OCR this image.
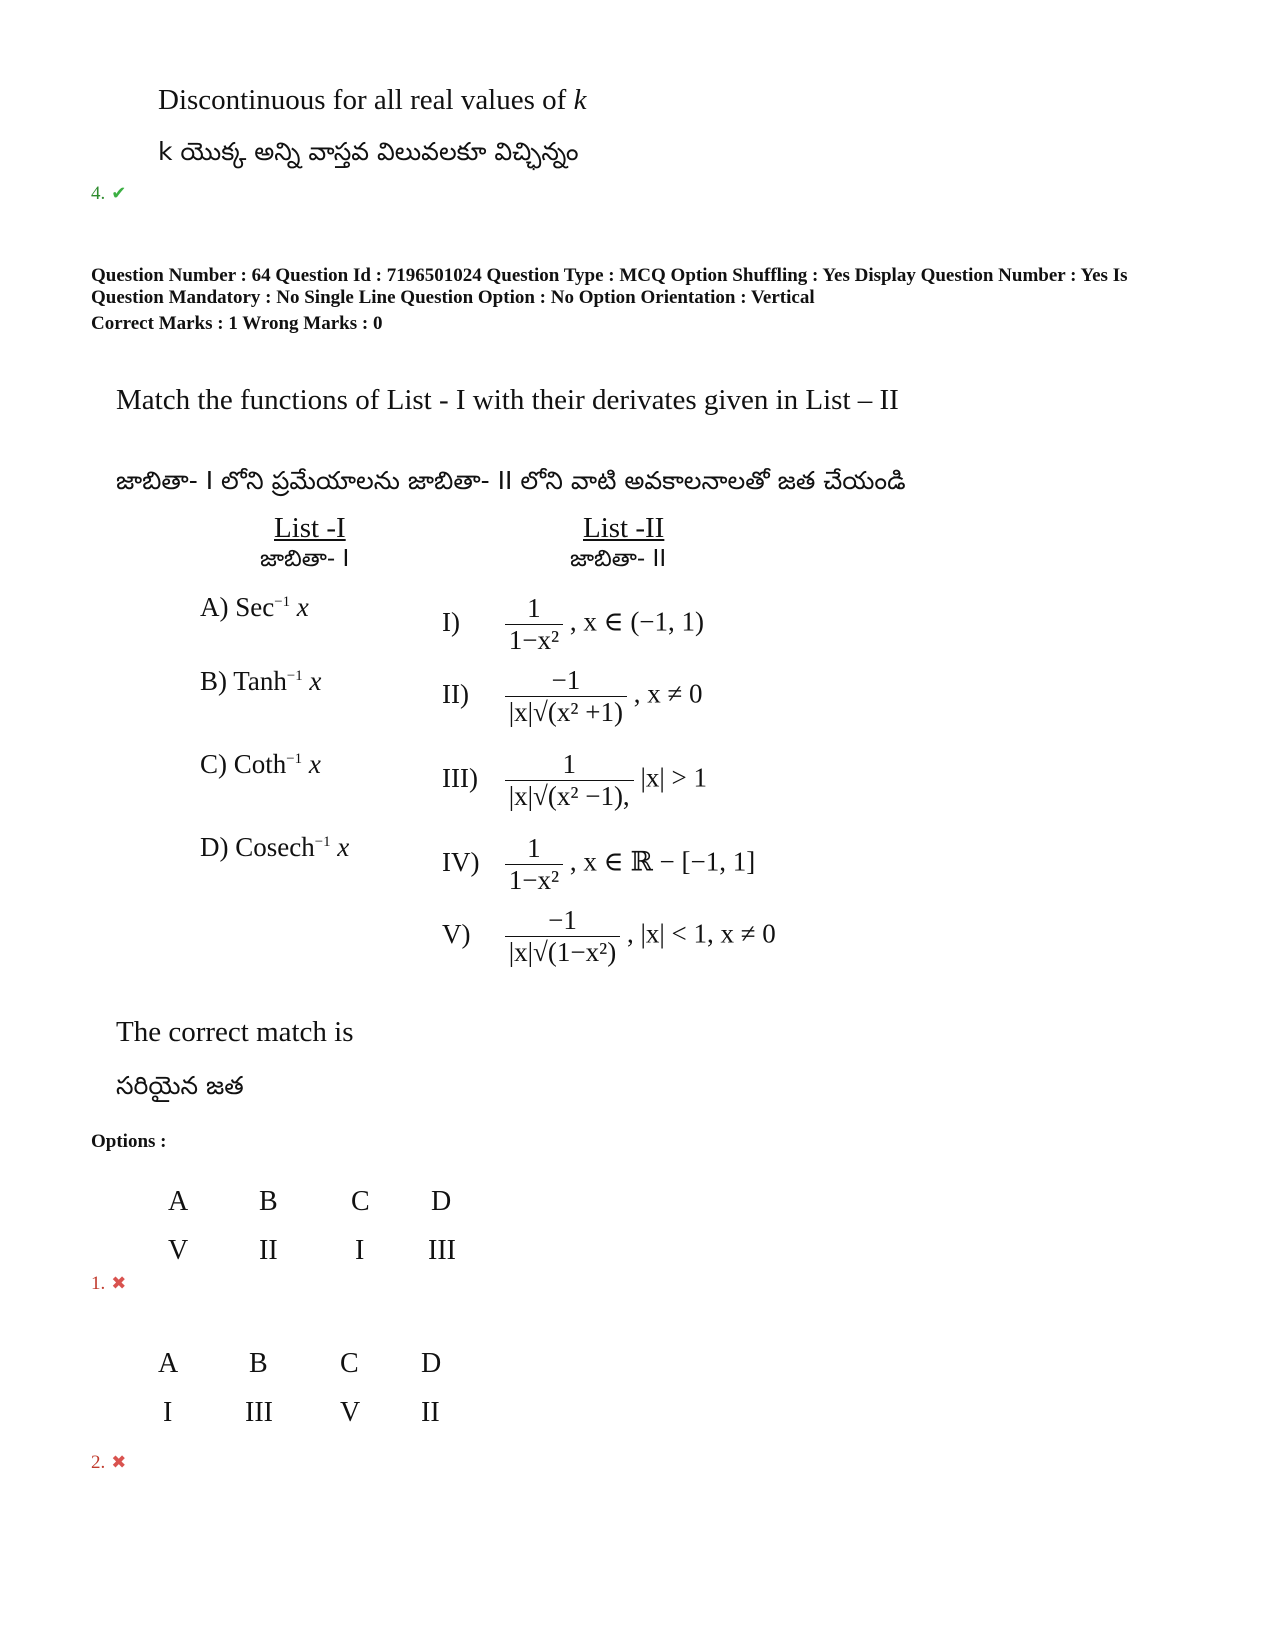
Discontinuous for all real values of k
k యొక్క అన్ని వాస్తవ విలువలకూ విచ్ఛిన్నం
4. ✔
Question Number : 64 Question Id : 7196501024 Question Type : MCQ Option Shuffling : Yes Display Question Number : Yes Is
Question Mandatory : No Single Line Question Option : No Option Orientation : Vertical
Correct Marks : 1 Wrong Marks : 0
Match the functions of List - I with their derivates given in List – II
జాబితా- I లోని ప్రమేయాలను జాబితా- II లోని వాటి అవకాలనాలతో జత చేయండి
List -I
జాబితా- I
List -II
జాబితా- II
A) Sec$^{-1}$ x
B) Tanh$^{-1}$ x
C) Coth$^{-1}$ x
D) Cosech$^{-1}$ x
$I) \frac{1}{\text{1−x²}}$ , x ∈ (−1, 1)
$II) \frac{-1}{\text{|x|√(x² +1)}}$ , x ≠ 0
$III) \frac{1}{\text{|x|√(x² −1),}} |x| > 1$
$IV) \frac{1}{\text{1−x²}}$ , x ∈ ℝ − [−1, 1]
$V) \frac{-1}{\text{|x|√(1−x²)}}$ , |x| < 1, x ≠ 0
The correct match is
సరియైన జత
Options :
A	B	C D
V	II	I III
1. ✖
A	B	C D
I	III V II
2. ✖
